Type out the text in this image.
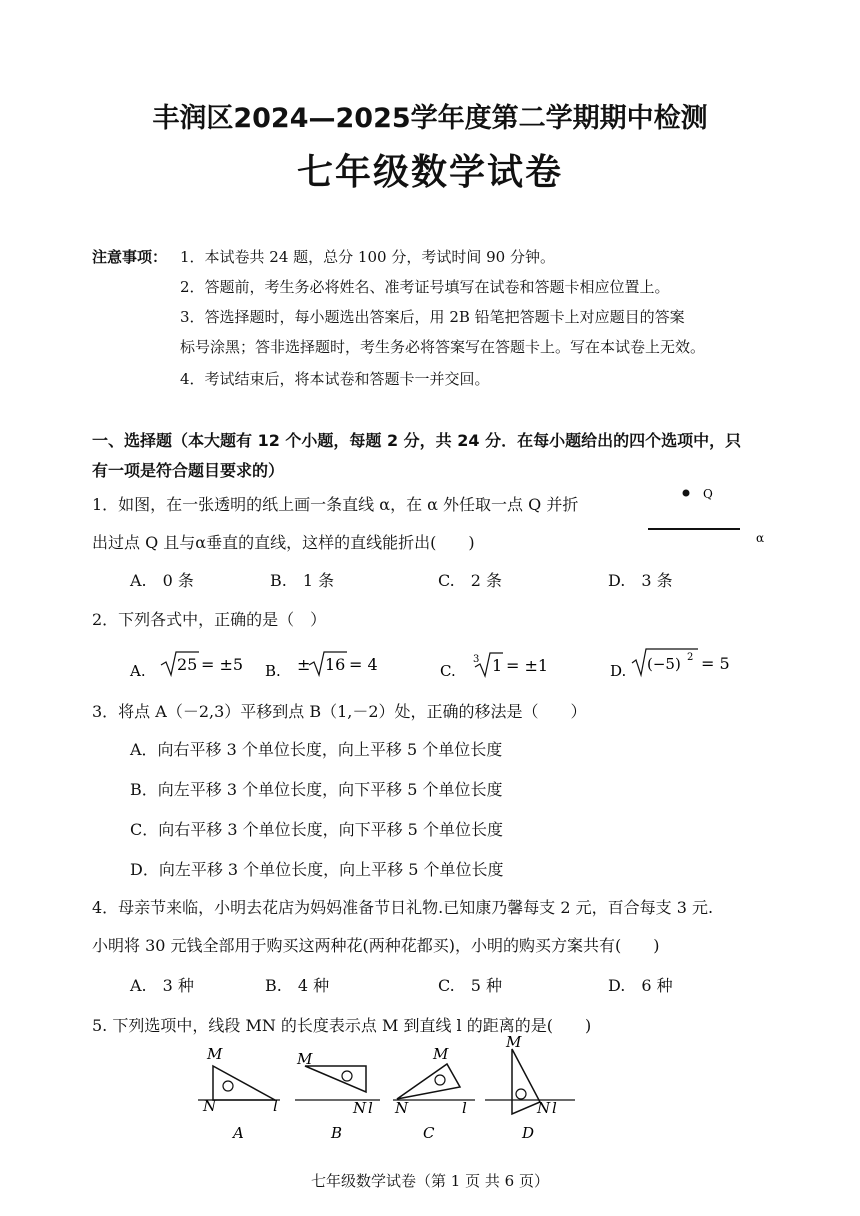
丰润区2024—2025学年度第二学期期中检测
七年级数学试卷
注意事项： 1．本试卷共 24 题，总分 100 分，考试时间 90 分钟。
2．答题前，考生务必将姓名、准考证号填写在试卷和答题卡相应位置上。
3．答选择题时，每小题选出答案后，用 2B 铅笔把答题卡上对应题目的答案
标号涂黑；答非选择题时，考生务必将答案写在答题卡上。写在本试卷上无效。
4．考试结束后，将本试卷和答题卡一并交回。
一、选择题（本大题有 12 个小题，每题 2 分，共 24 分．在每小题给出的四个选项中，只
有一项是符合题目要求的）
1．如图，在一张透明的纸上画一条直线 α，在 α 外任取一点 Q 并折
出过点 Q 且与α垂直的直线，这样的直线能折出(　　)
Q
α
A.　0 条	B.　1 条	C.　2 条	D.　3 条
2．下列各式中，正确的是（　）
A. 25 = ±5 B. ± 16 = 4	C.
3 1 = ±1	D. (−5) 2 = 5
3．将点 A（－2,3）平移到点 B（1,－2）处，正确的移法是（　　）
A．向右平移 3 个单位长度，向上平移 5 个单位长度
B．向左平移 3 个单位长度，向下平移 5 个单位长度
C．向右平移 3 个单位长度，向下平移 5 个单位长度
D．向左平移 3 个单位长度，向上平移 5 个单位长度
4．母亲节来临，小明去花店为妈妈准备节日礼物.已知康乃馨每支 2 元，百合每支 3 元.
小明将 30 元钱全部用于购买这两种花(两种花都买)，小明的购买方案共有(　　)
A.　3 种	B.　4 种	C.　5 种	D.　6 种
5. 下列选项中，线段 MN 的长度表示点 M 到直线 l 的距离的是(　　)
M
N	l
A
M
N l
B
M
N	l
C
M
N l
D
七年级数学试卷（第 1 页 共 6 页）
